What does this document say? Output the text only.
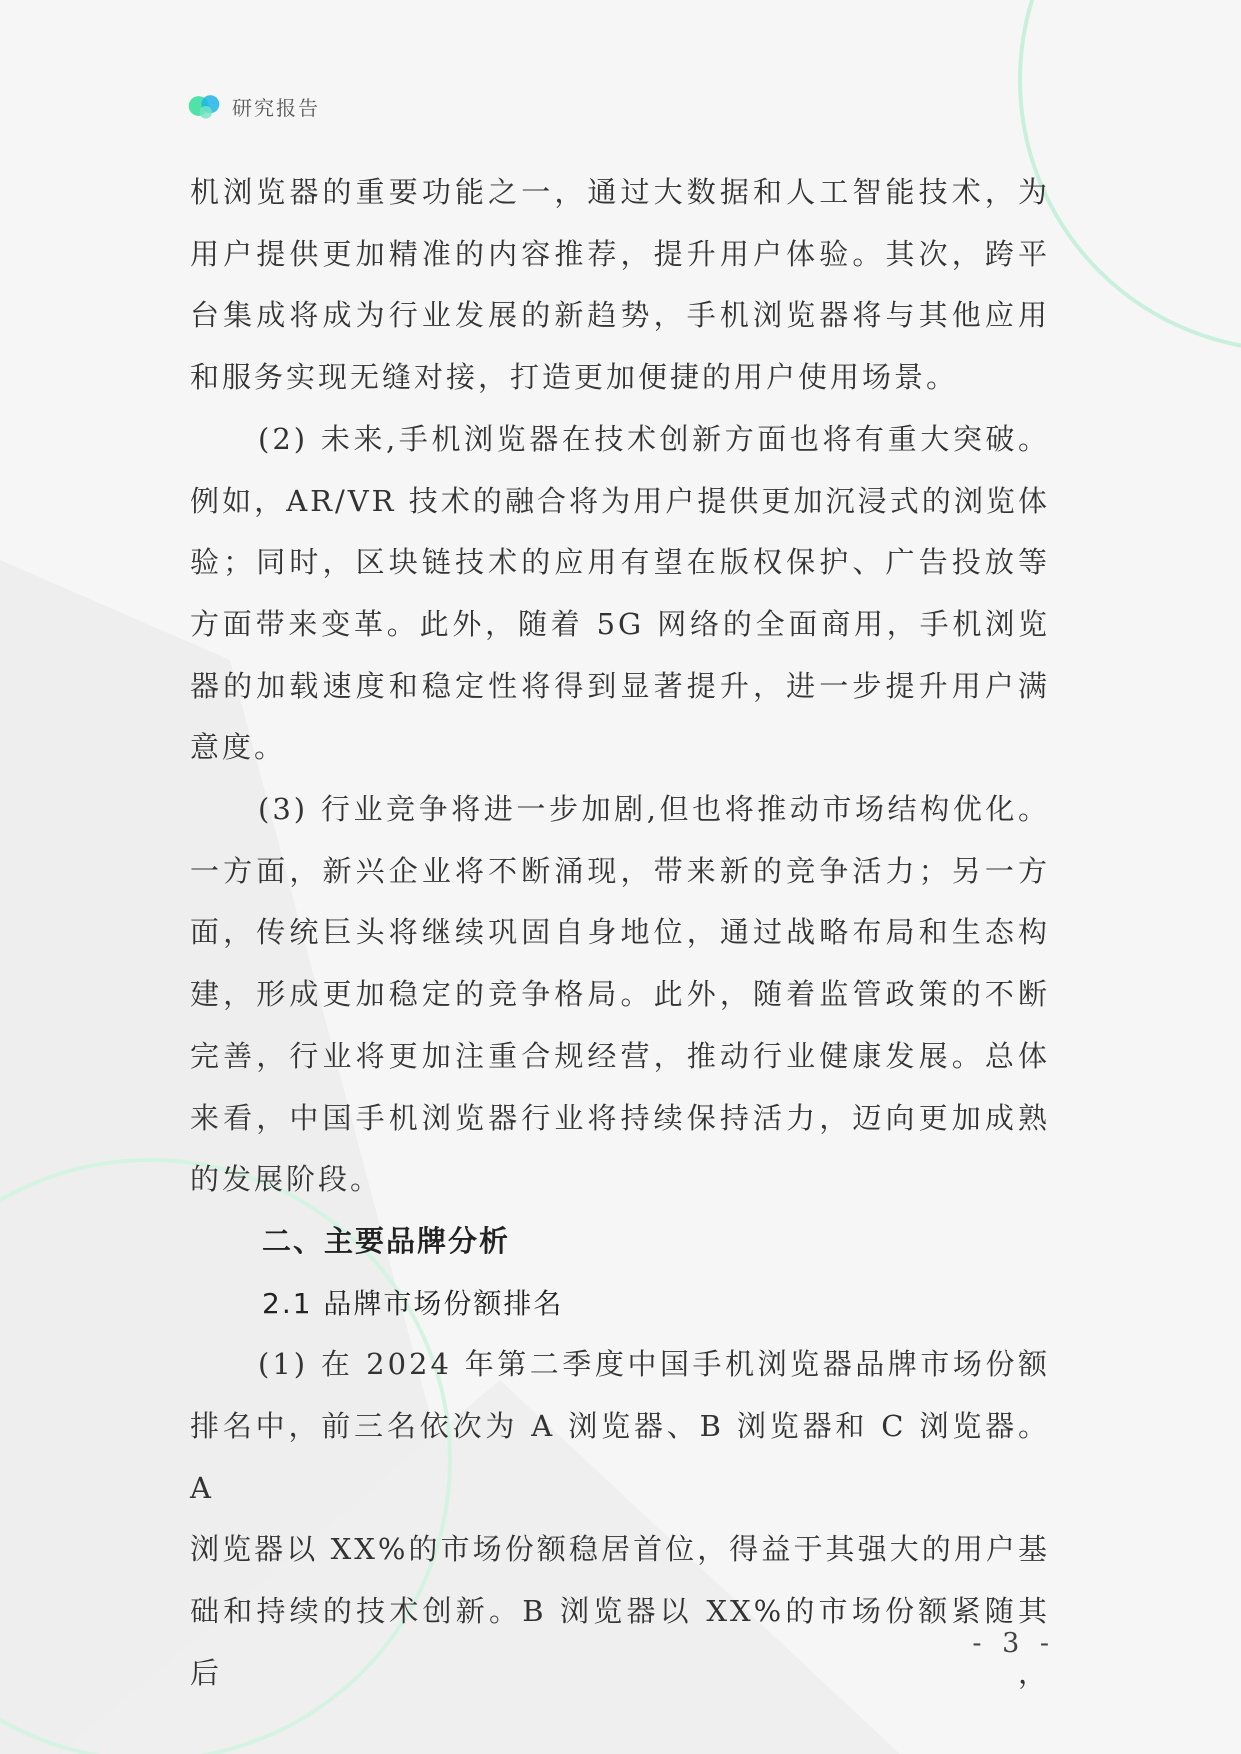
研究报告

机浏览器的重要功能之一，通过大数据和人工智能技术，为

用户提供更加精准的内容推荐，提升用户体验。其次，跨平

台集成将成为行业发展的新趋势，手机浏览器将与其他应用

和服务实现无缝对接，打造更加便捷的用户使用场景。

(2) 未来,手机浏览器在技术创新方面也将有重大突破。

例如，AR/VR 技术的融合将为用户提供更加沉浸式的浏览体

验；同时，区块链技术的应用有望在版权保护、广告投放等

方面带来变革。此外，随着 5G 网络的全面商用，手机浏览

器的加载速度和稳定性将得到显著提升，进一步提升用户满

意度。

(3) 行业竞争将进一步加剧,但也将推动市场结构优化。

一方面，新兴企业将不断涌现，带来新的竞争活力；另一方

面，传统巨头将继续巩固自身地位，通过战略布局和生态构

建，形成更加稳定的竞争格局。此外，随着监管政策的不断

完善，行业将更加注重合规经营，推动行业健康发展。总体

来看，中国手机浏览器行业将持续保持活力，迈向更加成熟

的发展阶段。

二、主要品牌分析

2.1 品牌市场份额排名

(1) 在 2024 年第二季度中国手机浏览器品牌市场份额

排名中，前三名依次为 A 浏览器、B 浏览器和 C 浏览器。A

浏览器以 XX%的市场份额稳居首位，得益于其强大的用户基

础和持续的技术创新。B 浏览器以 XX%的市场份额紧随其后，

- 3 -
